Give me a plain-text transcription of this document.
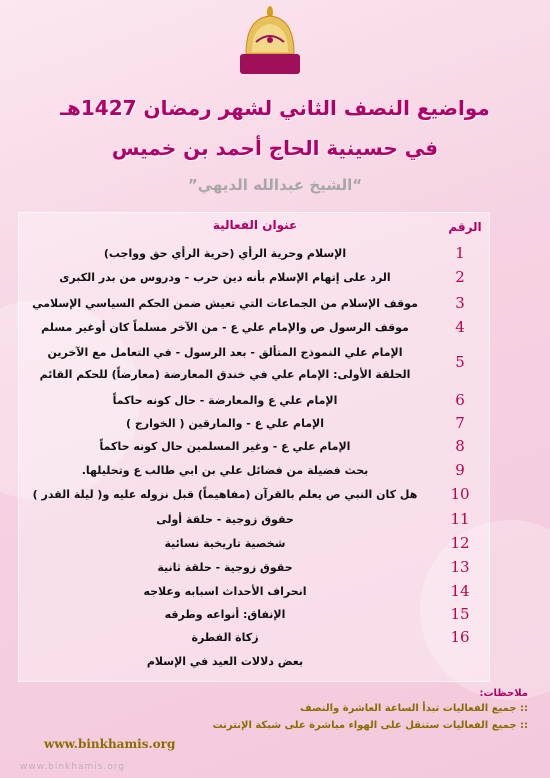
مواضيع النصف الثاني لشهر رمضان 1427هـ
في حسينية الحاج أحمد بن خميس
“الشيخ عبدالله الديهي”
الرقم
عنوان الفعالية
1
الإسلام وحرية الرأي (حرية الرأي حق وواجب)
2
الرد على إتهام الإسلام بأنه دين حرب - ودروس من بدر الكبرى
3
موقف الإسلام من الجماعات التي تعيش ضمن الحكم السياسي الإسلامي
4
موقف الرسول ص والإمام علي ع - من الآخر مسلماً كان أوغير مسلم
5
الإمام علي النموذج المتألق - بعد الرسول - في التعامل مع الآخرين
الحلقة الأولى: الإمام علي في خندق المعارضة (معارضاً) للحكم القائم
6
الإمام علي ع والمعارضة - حال كونه حاكماً
7
الإمام علي ع - والمارقين ( الخوارج )
8
الإمام علي ع - وغير المسلمين حال كونه حاكماً
9
بحث فضيلة من فضائل علي بن ابي طالب ع وتحليلها.
10
هل كان النبي ص يعلم بالقرآن (مفاهيماً) قبل نزوله عليه و( ليلة القدر )
11
حقوق زوجية - حلقة أولى
12
شخصية تاريخية نسائية
13
حقوق زوجية - حلقة ثانية
14
انحراف الأحداث اسبابه وعلاجه
15
الإنفاق: أنواعه وطرقه
16
زكاة الفطرة
بعض دلالات العيد في الإسلام
ملاحظات:
:: جميع الفعاليات تبدأ الساعة العاشرة والنصف
:: جميع الفعاليات ستنقل على الهواء مباشرة على شبكة الإنترنت
www.binkhamis.org
www.binkhamis.org
